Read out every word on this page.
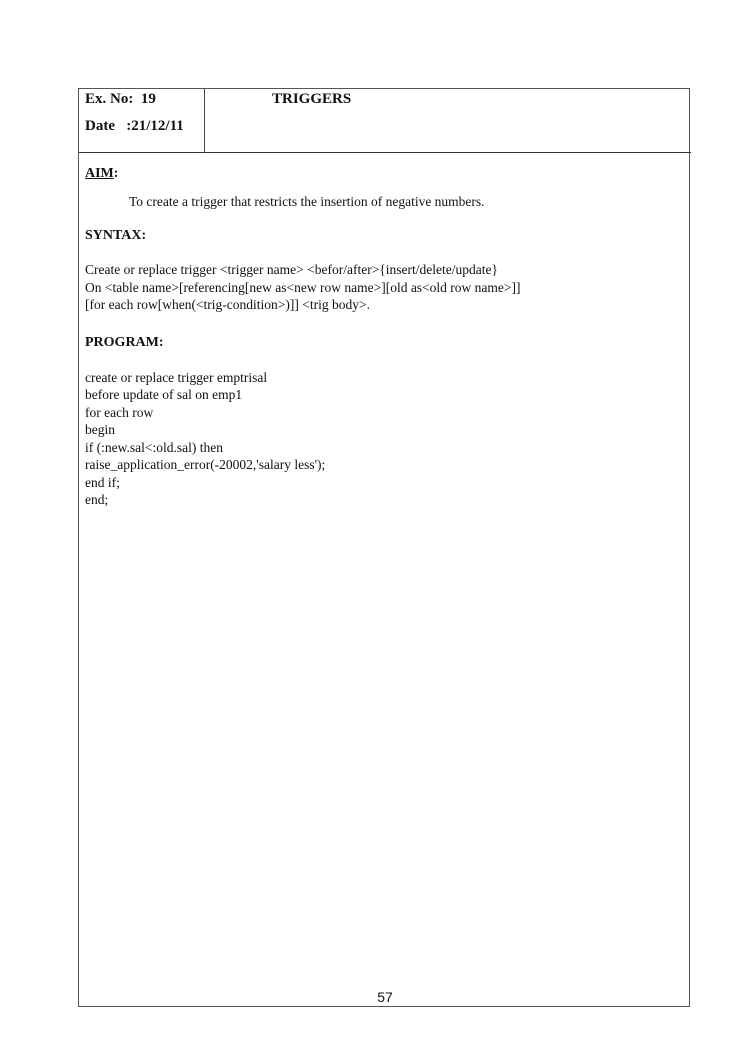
Ex. No:  19
Date   :21/12/11
TRIGGERS

AIM:

To create a trigger that restricts the insertion of negative numbers.

SYNTAX:

Create or replace trigger <trigger name> <befor/after>{insert/delete/update}
On <table name>[referencing[new as<new row name>][old as<old row name>]]
[for each row[when(<trig-condition>)]] <trig body>.

PROGRAM:

create or replace trigger emptrisal
before update of sal on emp1
for each row
begin
if (:new.sal<:old.sal) then
raise_application_error(-20002,'salary less');
end if;
end;
57
